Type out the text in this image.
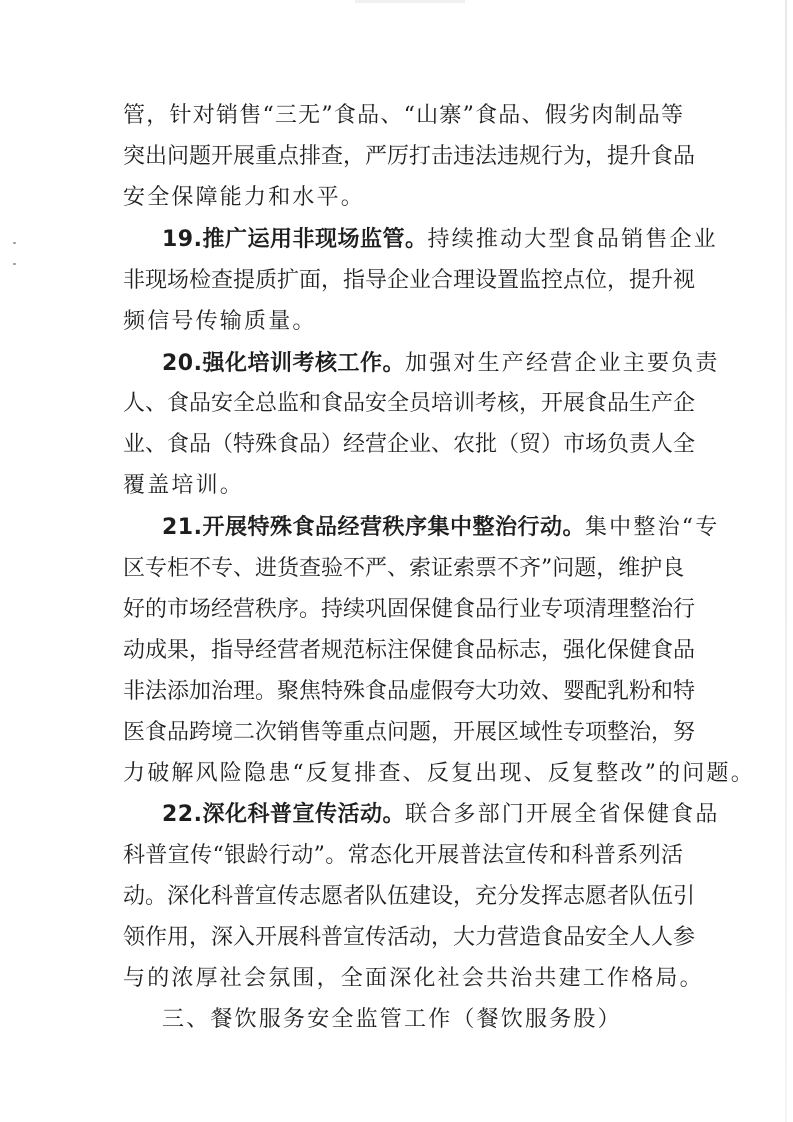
管，针对销售“三无”食品、“山寨”食品、假劣肉制品等
突出问题开展重点排查，严厉打击违法违规行为，提升食品
安全保障能力和水平。
19.推广运用非现场监管。持续推动大型食品销售企业
非现场检查提质扩面，指导企业合理设置监控点位，提升视
频信号传输质量。
20.强化培训考核工作。加强对生产经营企业主要负责
人、食品安全总监和食品安全员培训考核，开展食品生产企
业、食品（特殊食品）经营企业、农批（贸）市场负责人全
覆盖培训。
21.开展特殊食品经营秩序集中整治行动。集中整治“专
区专柜不专、进货查验不严、索证索票不齐”问题，维护良
好的市场经营秩序。持续巩固保健食品行业专项清理整治行
动成果，指导经营者规范标注保健食品标志，强化保健食品
非法添加治理。聚焦特殊食品虚假夸大功效、婴配乳粉和特
医食品跨境二次销售等重点问题，开展区域性专项整治，努
力破解风险隐患“反复排查、反复出现、反复整改”的问题。
22.深化科普宣传活动。联合多部门开展全省保健食品
科普宣传“银龄行动”。常态化开展普法宣传和科普系列活
动。深化科普宣传志愿者队伍建设，充分发挥志愿者队伍引
领作用，深入开展科普宣传活动，大力营造食品安全人人参
与的浓厚社会氛围，全面深化社会共治共建工作格局。
三、餐饮服务安全监管工作（餐饮服务股）
